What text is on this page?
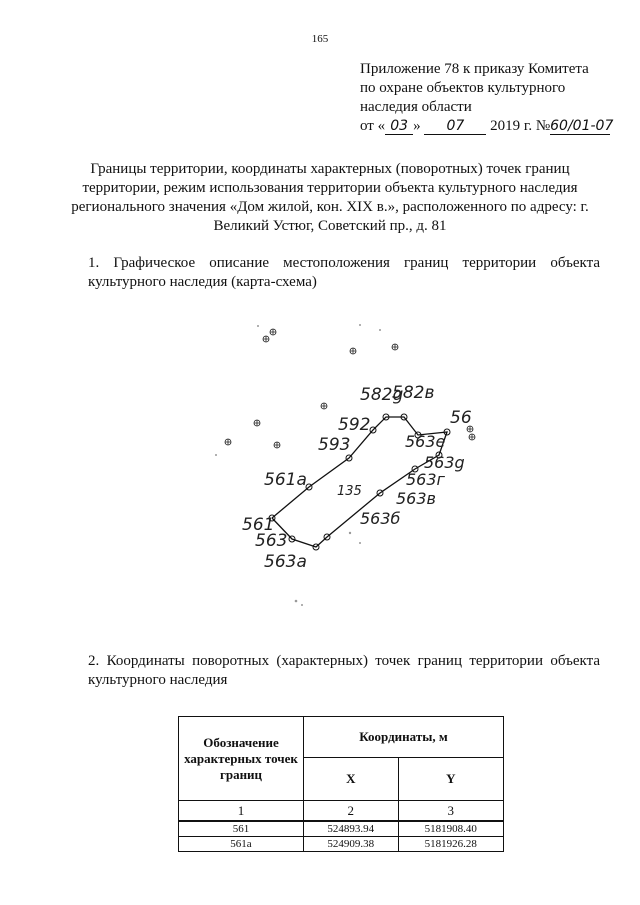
165
Приложение 78 к приказу Комитета
по охране объектов культурного
наследия области
от « 03 » 07 2019 г. №60/01-07
Границы территории, координаты характерных (поворотных) точек границ территории, режим использования территории объекта культурного наследия регионального значения «Дом жилой, кон. XIX в.», расположенного по адресу: г. Великий Устюг, Советский пр., д. 81
1. Графическое описание местоположения границ территории объекта культурного наследия (карта-схема)
582g
582в
56
592
593	563e
563g
563г
561a
135 563в
563б
561
563
563a
2. Координаты поворотных (характерных) точек границ территории объекта культурного наследия
Обозначение характерных точек границ	Координаты, м	
	X	Y
1	2	3
561	524893.94	5181908.40
561a	524909.38	5181926.28
